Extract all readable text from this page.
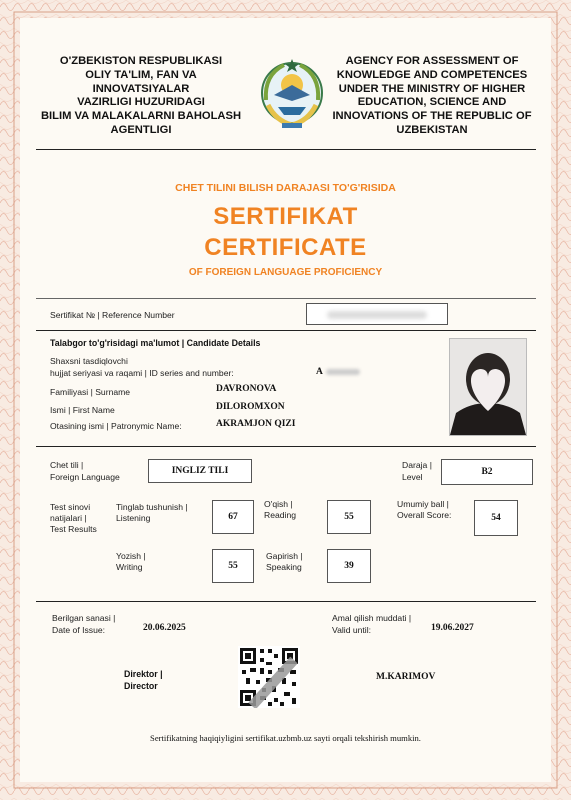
O'ZBEKISTON RESPUBLIKASI
OLIY TA'LIM, FAN VA INNOVATSIYALAR
VAZIRLIGI HUZURIDAGI
BILIM VA MALAKALARNI BAHOLASH
AGENTLIGI
AGENCY FOR ASSESSMENT OF
KNOWLEDGE AND COMPETENCES
UNDER THE MINISTRY OF HIGHER
EDUCATION, SCIENCE AND
INNOVATIONS OF THE REPUBLIC OF
UZBEKISTAN
CHET TILINI BILISH DARAJASI TO'G'RISIDA
SERTIFIKAT
CERTIFICATE
OF FOREIGN LANGUAGE PROFICIENCY
Sertifikat № | Reference Number
Talabgor to'g'risidagi ma'lumot | Candidate Details
Shaxsni tasdiqlovchi
hujjat seriyasi va raqami | ID series and number:	A
Familiyasi | Surname	DAVRONOVA
Ismi | First Name	DILOROMXON
Otasining ismi | Patronymic Name:	AKRAMJON QIZI
Chet tili |
Foreign Language
INGLIZ TILI
Daraja |
Level	B2
Test sinovi
natijalari |
Test Results
Tinglab tushunish |
Listening	67
O'qish |
Reading	55
Umumiy ball |
Overall Score:	54
Yozish |
Writing	55
Gapirish |
Speaking	39
Berilgan sanasi |
Date of Issue:	20.06.2025
Amal qilish muddati |
Valid until:	19.06.2027
Direktor |
Director
M.KARIMOV
Sertifikatning haqiqiyligini sertifikat.uzbmb.uz sayti orqali tekshirish mumkin.
